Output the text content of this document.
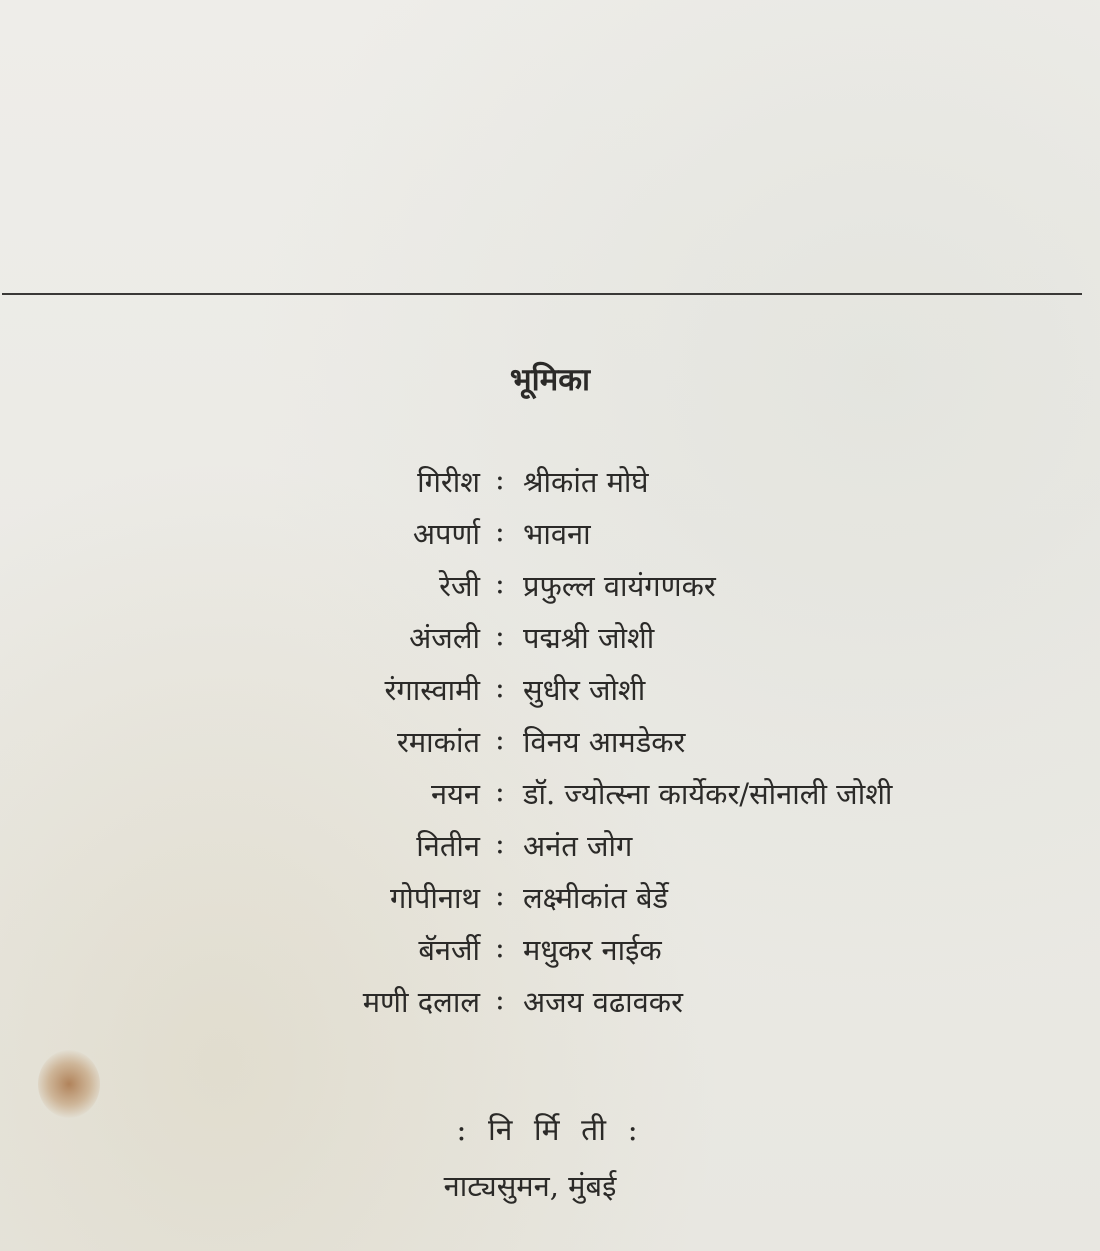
भूमिका
गिरीश : श्रीकांत मोघे
अपर्णा : भावना
रेजी : प्रफुल्ल वायंगणकर
अंजली : पद्मश्री जोशी
रंगास्वामी : सुधीर जोशी
रमाकांत : विनय आमडेकर
नयन : डॉ. ज्योत्स्ना कार्येकर/सोनाली जोशी
नितीन : अनंत जोग
गोपीनाथ : लक्ष्मीकांत बेर्डे
बॅनर्जी : मधुकर नाईक
मणी दलाल : अजय वढावकर
: नि र्मि ती :
नाट्यसुमन, मुंबई
